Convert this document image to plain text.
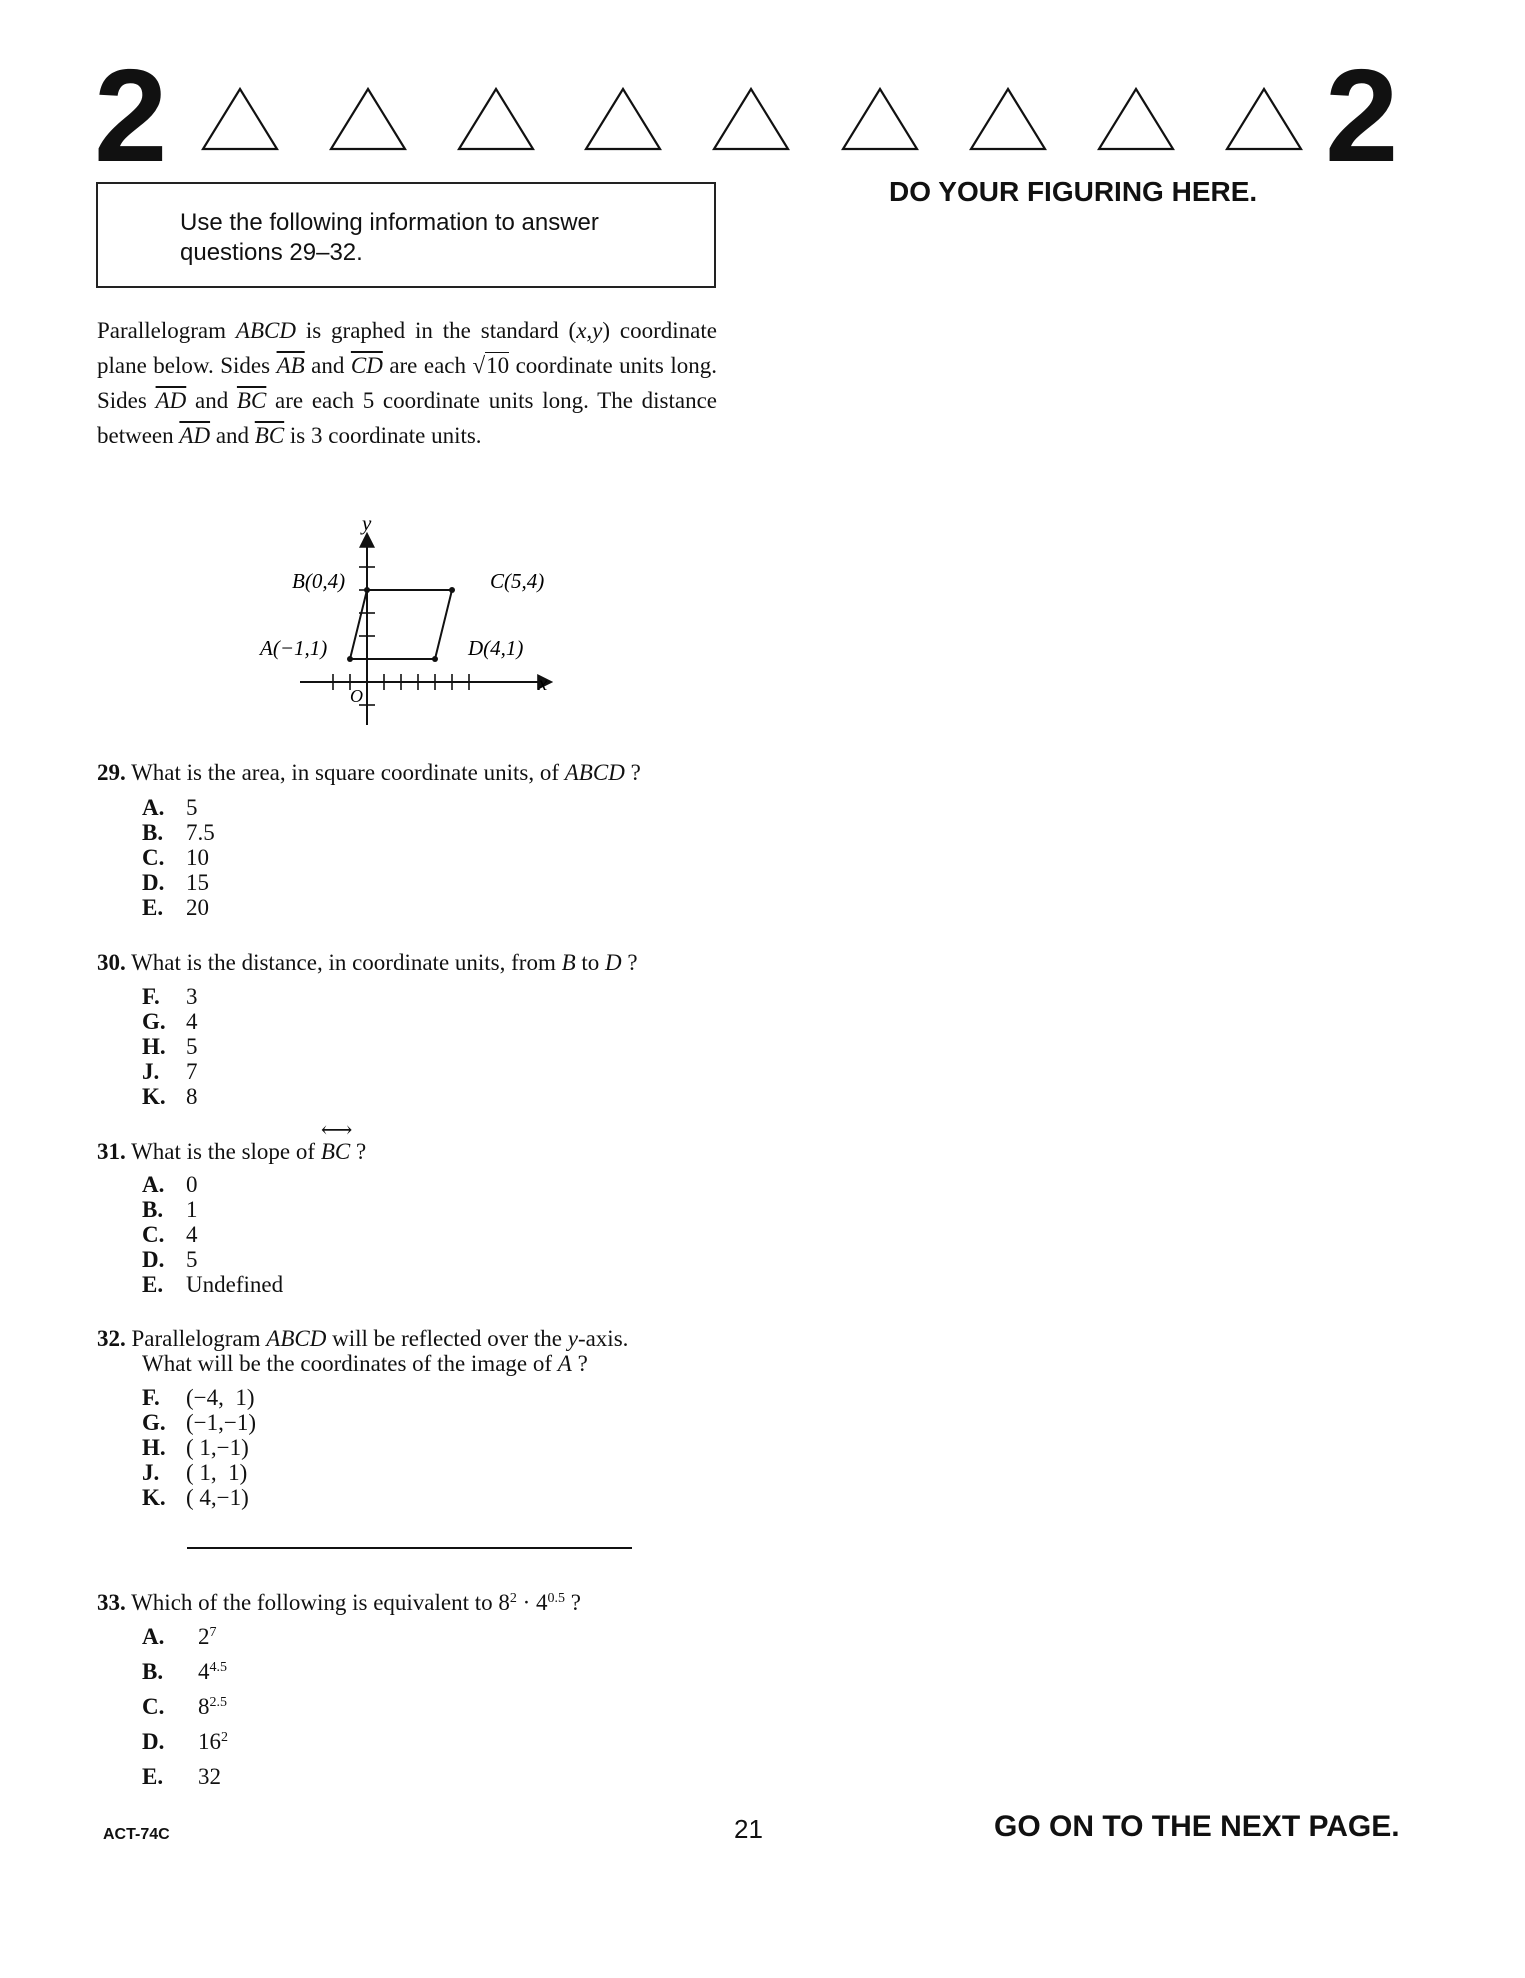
2	2
DO YOUR FIGURING HERE.
Use the following information to answer questions 29–32.
Parallelogram ABCD is graphed in the standard (x,y) coordinate plane below. Sides $\overline{AB}$ and $\overline{CD}$ are each √10 coordinate units long. Sides $\overline{AD}$ and $\overline{BC}$ are each 5 coordinate units long. The distance between $\overline{AD}$ and $\overline{BC}$ is 3 coordinate units.
y
x
O
B(0,4)	C(5,4)
A(−1,1)	D(4,1)
29. What is the area, in square coordinate units, of ABCD ?
A. 5
B. 7.5
C. 10
D. 15
E. 20
30. What is the distance, in coordinate units, from B to D ?
F.	3
G. 4
H. 5
J.	7
K. 8
31. What is the slope of
⟷
BC ?
A. 0
B. 1
C. 4
D. 5
E. Undefined
32. Parallelogram ABCD will be reflected over the y-axis.
What will be the coordinates of the image of A ?
F.	(−4,  1)
G. (−1,−1)
H. ( 1,−1)
J.	( 1,  1)
K. ( 4,−1)
33. Which of the following is equivalent to $8^2 \cdot 4^{0.5}$ ?
A.	$2^7$
B.	$4^{4.5}$
C.	$8^{2.5}$
D.	$16^2$
E.	32
ACT-74C	21	GO ON TO THE NEXT PAGE.
